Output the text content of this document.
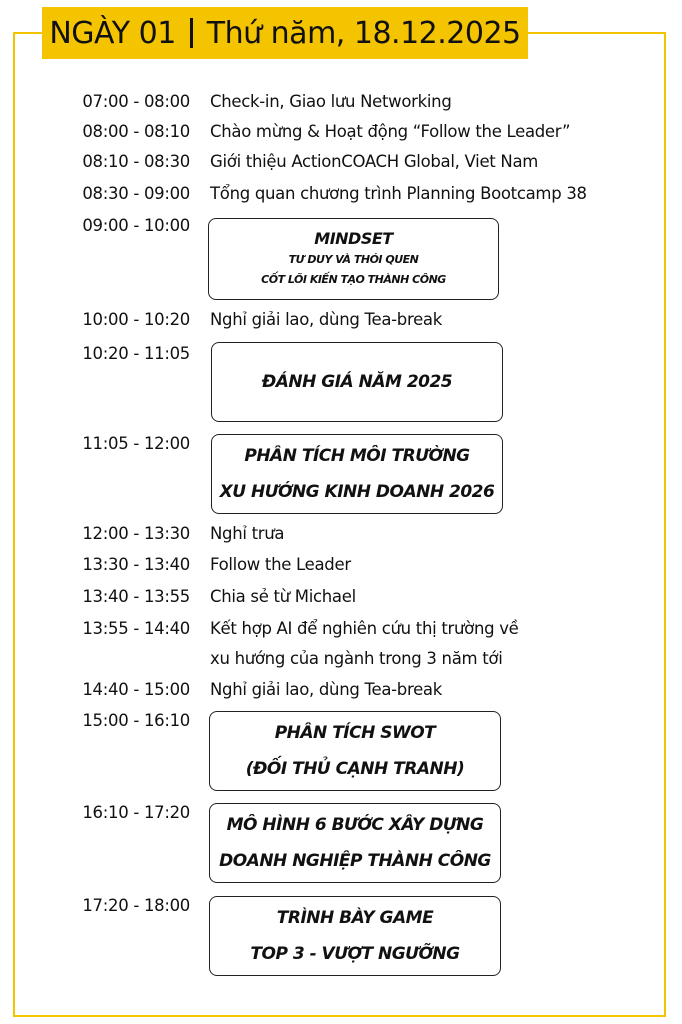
NGÀY 01 Thứ năm, 18.12.2025
07:00 - 08:00 Check-in, Giao lưu Networking
08:00 - 08:10 Chào mừng & Hoạt động “Follow the Leader”
08:10 - 08:30 Giới thiệu ActionCOACH Global, Viet Nam
08:30 - 09:00 Tổng quan chương trình Planning Bootcamp 38
09:00 - 10:00
MINDSET
TƯ DUY VÀ THÓI QUEN
CỐT LÕI KIẾN TẠO THÀNH CÔNG
10:00 - 10:20 Nghỉ giải lao, dùng Tea-break
10:20 - 11:05
ĐÁNH GIÁ NĂM 2025
11:05 - 12:00
PHÂN TÍCH MÔI TRƯỜNG
XU HƯỚNG KINH DOANH 2026
12:00 - 13:30 Nghỉ trưa
13:30 - 13:40 Follow the Leader
13:40 - 13:55 Chia sẻ từ Michael
13:55 - 14:40 Kết hợp AI để nghiên cứu thị trường về
xu hướng của ngành trong 3 năm tới
14:40 - 15:00 Nghỉ giải lao, dùng Tea-break
15:00 - 16:10
PHÂN TÍCH SWOT
(ĐỐI THỦ CẠNH TRANH)
16:10 - 17:20
MÔ HÌNH 6 BƯỚC XÂY DỰNG
DOANH NGHIỆP THÀNH CÔNG
17:20 - 18:00
TRÌNH BÀY GAME
TOP 3 - VƯỢT NGƯỠNG
